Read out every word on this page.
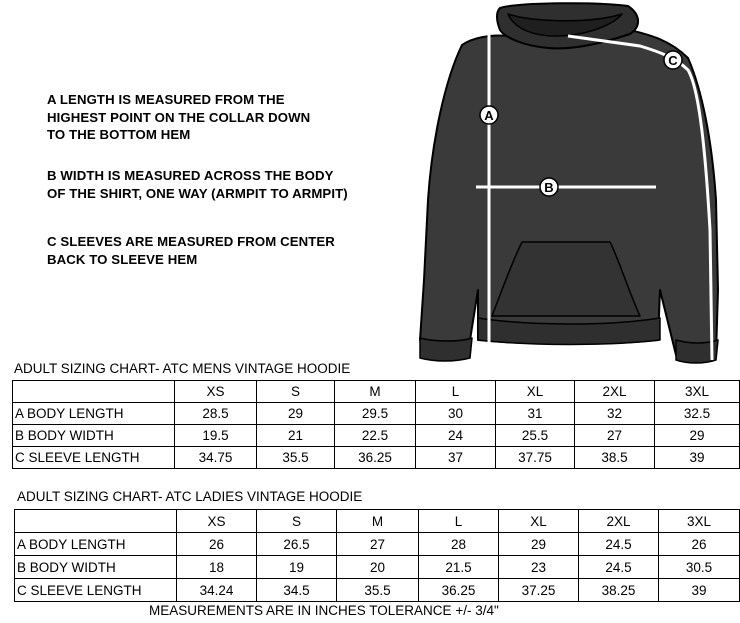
A LENGTH IS MEASURED FROM THE
HIGHEST POINT ON THE COLLAR DOWN
TO THE BOTTOM HEM
B WIDTH IS MEASURED ACROSS THE BODY
OF THE SHIRT, ONE WAY (ARMPIT TO ARMPIT)
C SLEEVES ARE MEASURED FROM CENTER
BACK TO SLEEVE HEM
A
B
C
ADULT SIZING CHART- ATC MENS VINTAGE HOODIE
	XS	S	M	L	XL	2XL	3XL
A BODY LENGTH	28.5	29	29.5	30	31	32	32.5
B BODY WIDTH	19.5	21	22.5	24	25.5	27	29
C SLEEVE LENGTH	34.75	35.5	36.25	37	37.75	38.5	39
ADULT SIZING CHART- ATC LADIES VINTAGE HOODIE
	XS	S	M	L	XL	2XL	3XL
A BODY LENGTH	26	26.5	27	28	29	24.5	26
B BODY WIDTH	18	19	20	21.5	23	24.5	30.5
C SLEEVE LENGTH	34.24	34.5	35.5	36.25	37.25	38.25	39
MEASUREMENTS ARE IN INCHES TOLERANCE +/- 3/4"
